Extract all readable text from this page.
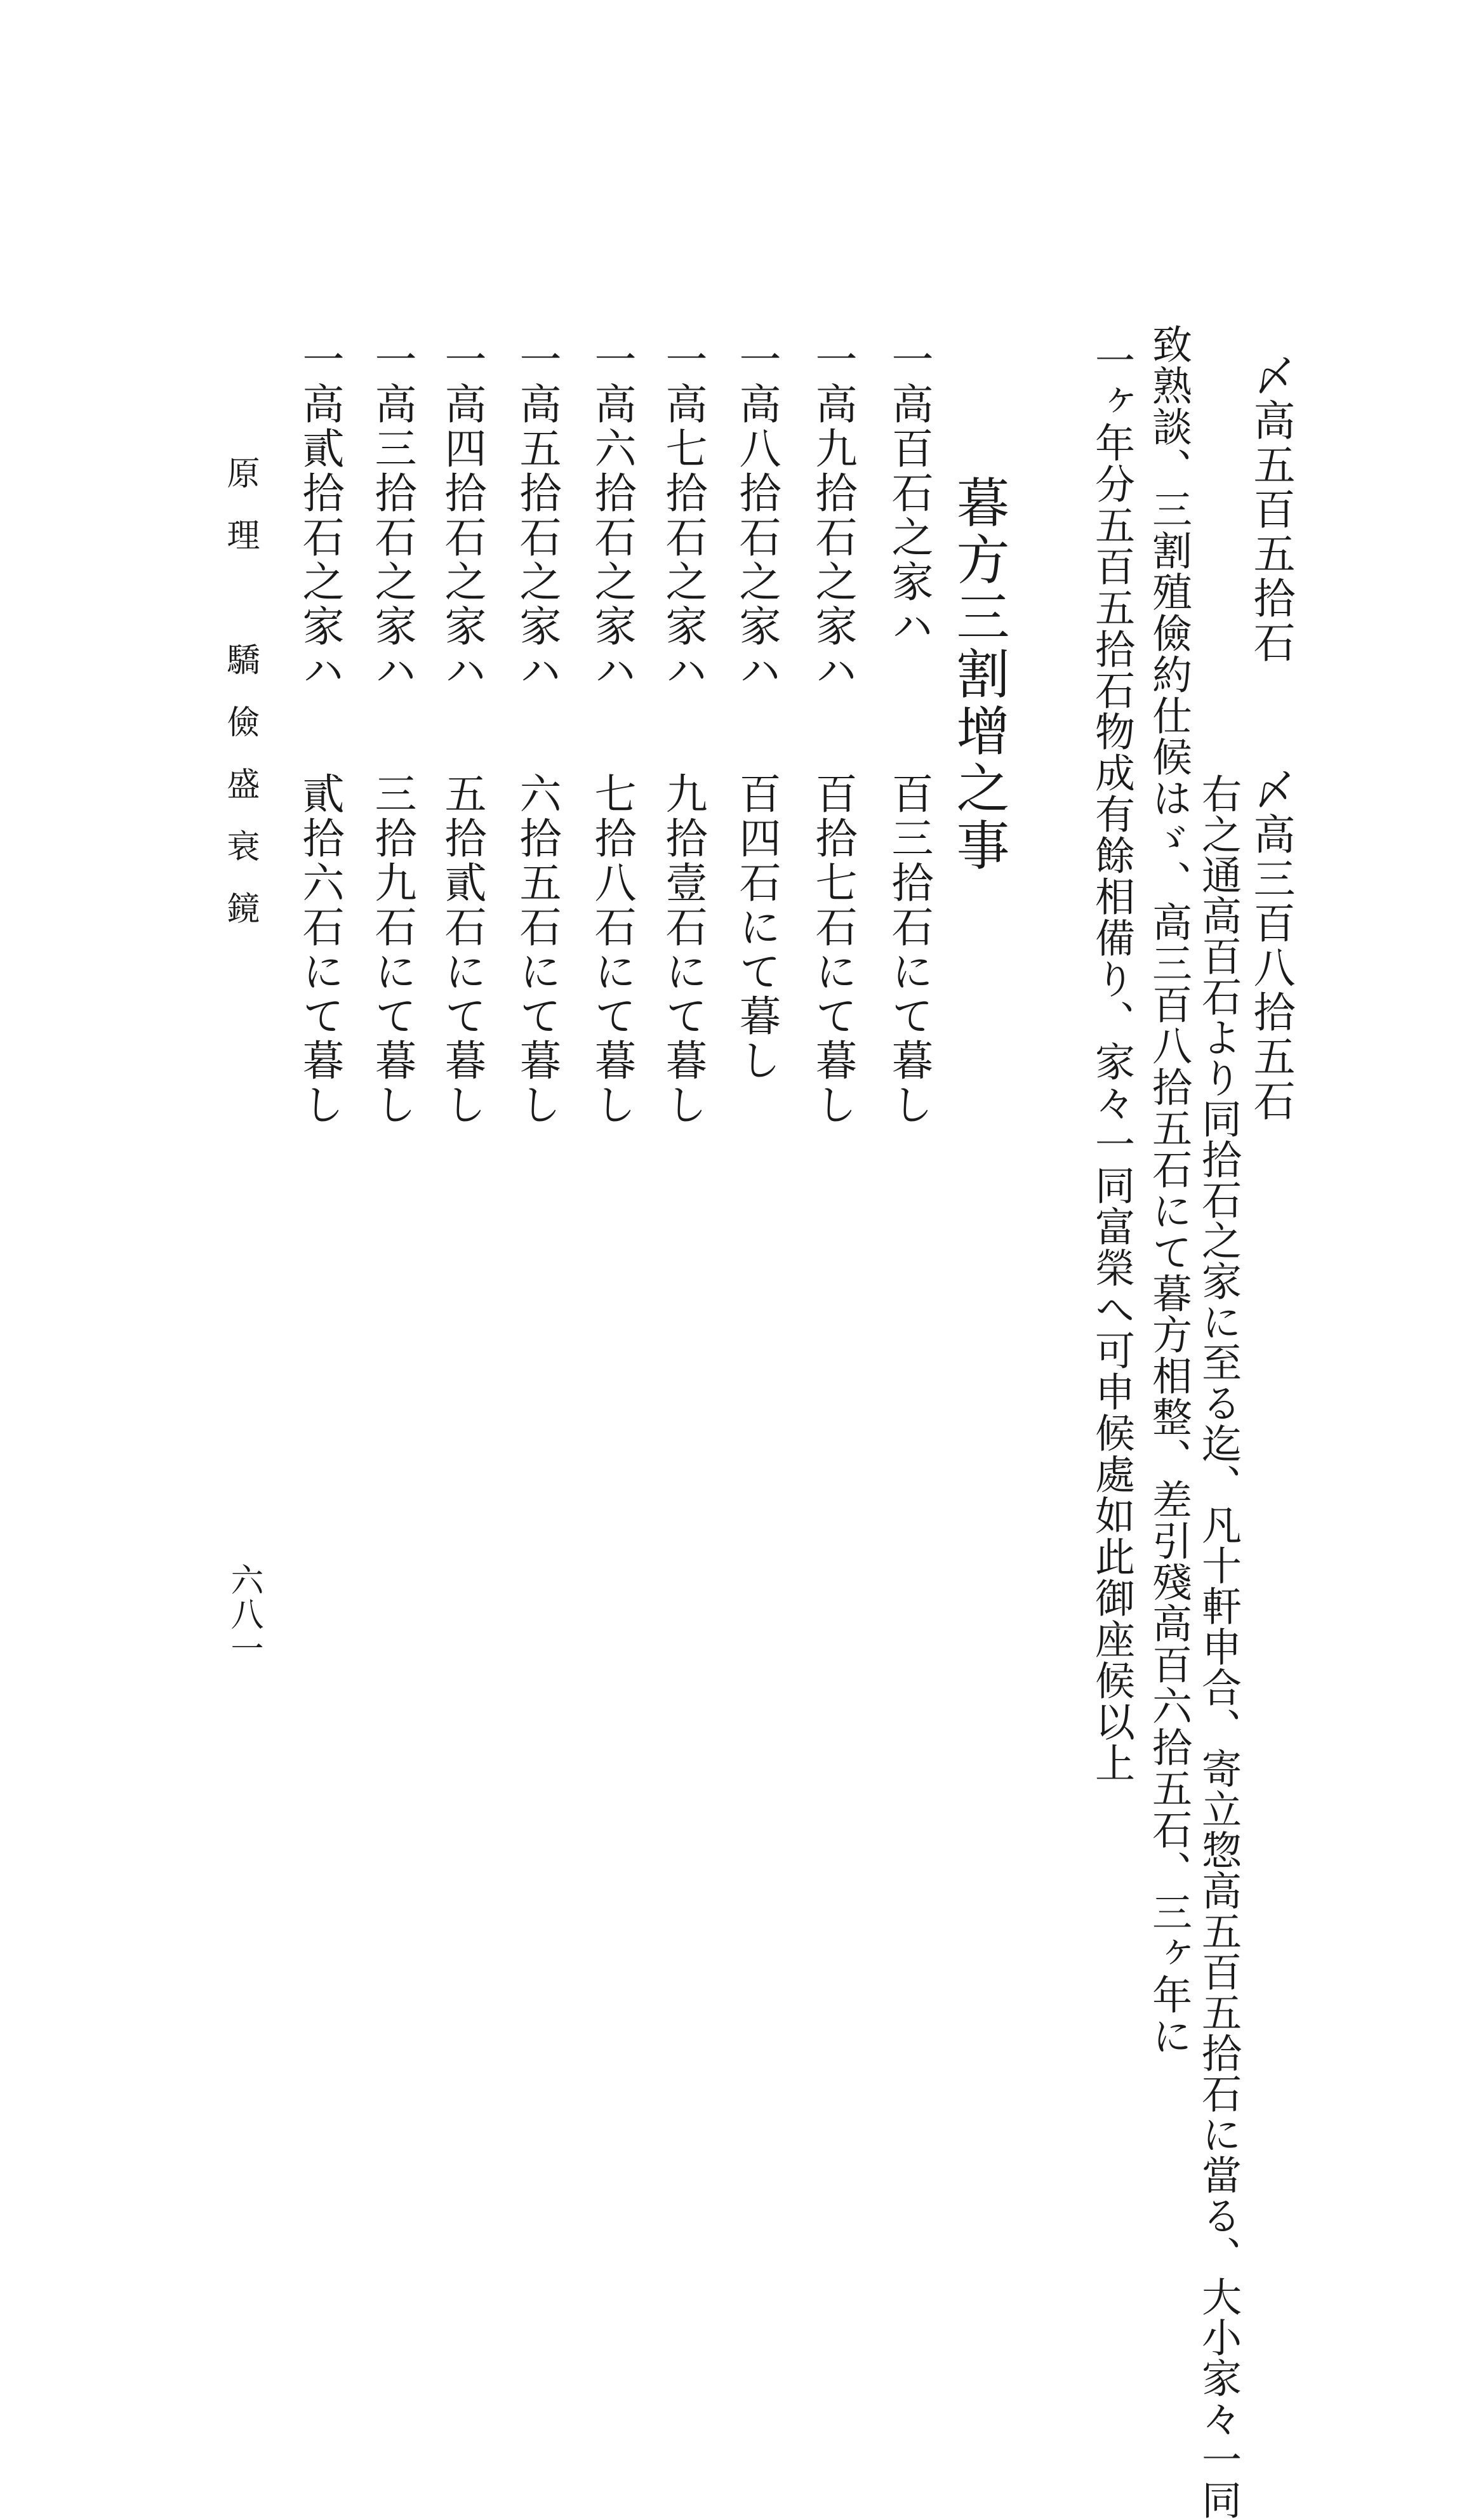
〆高五百五拾石
〆高三百八拾五石
右之通高百石より同拾石之家に至る迄、凡十軒申合、寄立惣高五百五拾石に當る、大小家々一同
致熟談、三割殖儉約仕候はゞ、高三百八拾五石にて暮方相整、差引殘高百六拾五石、三ヶ年に
一ヶ年分五百五拾石物成有餘相備り、家々一同富榮へ可申候處如此御座候以上
暮方三割增之事
一高百石之家ハ
一高九拾石之家ハ
一高八拾石之家ハ
一高七拾石之家ハ
一高六拾石之家ハ
一高五拾石之家ハ
一高四拾石之家ハ
一高三拾石之家ハ
一高貳拾石之家ハ
百三拾石にて暮し
百拾七石にて暮し
百四石にて暮し
九拾壹石にて暮し
七拾八石にて暮し
六拾五石にて暮し
五拾貳石にて暮し
三拾九石にて暮し
貳拾六石にて暮し
原理　驕儉盛衰鏡
六八一
